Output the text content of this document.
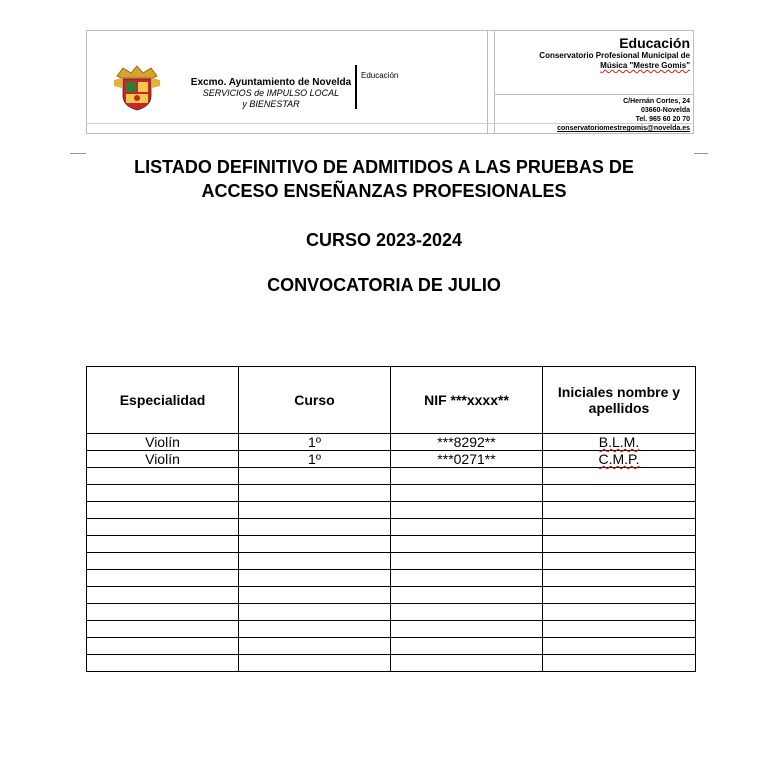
Excmo. Ayuntamiento de Novelda
SERVICIOS de IMPULSO LOCAL
y BIENESTAR
Educación
Educación
Conservatorio Profesional Municipal de
Música "Mestre Gomis"
C/Hernán Cortes, 24
03660-Novelda
Tel. 965 60 20 70
conservatoriomestregomis@novelda.es
LISTADO DEFINITIVO DE ADMITIDOS A LAS PRUEBAS DE
ACCESO ENSEÑANZAS PROFESIONALES
CURSO 2023-2024
CONVOCATORIA DE JULIO
Especialidad	Curso	NIF ***xxxx**	Iniciales nombre y apellidos
Violín	1º	***8292**	B.L.M.
Violín	1º	***0271**	C.M.P.
